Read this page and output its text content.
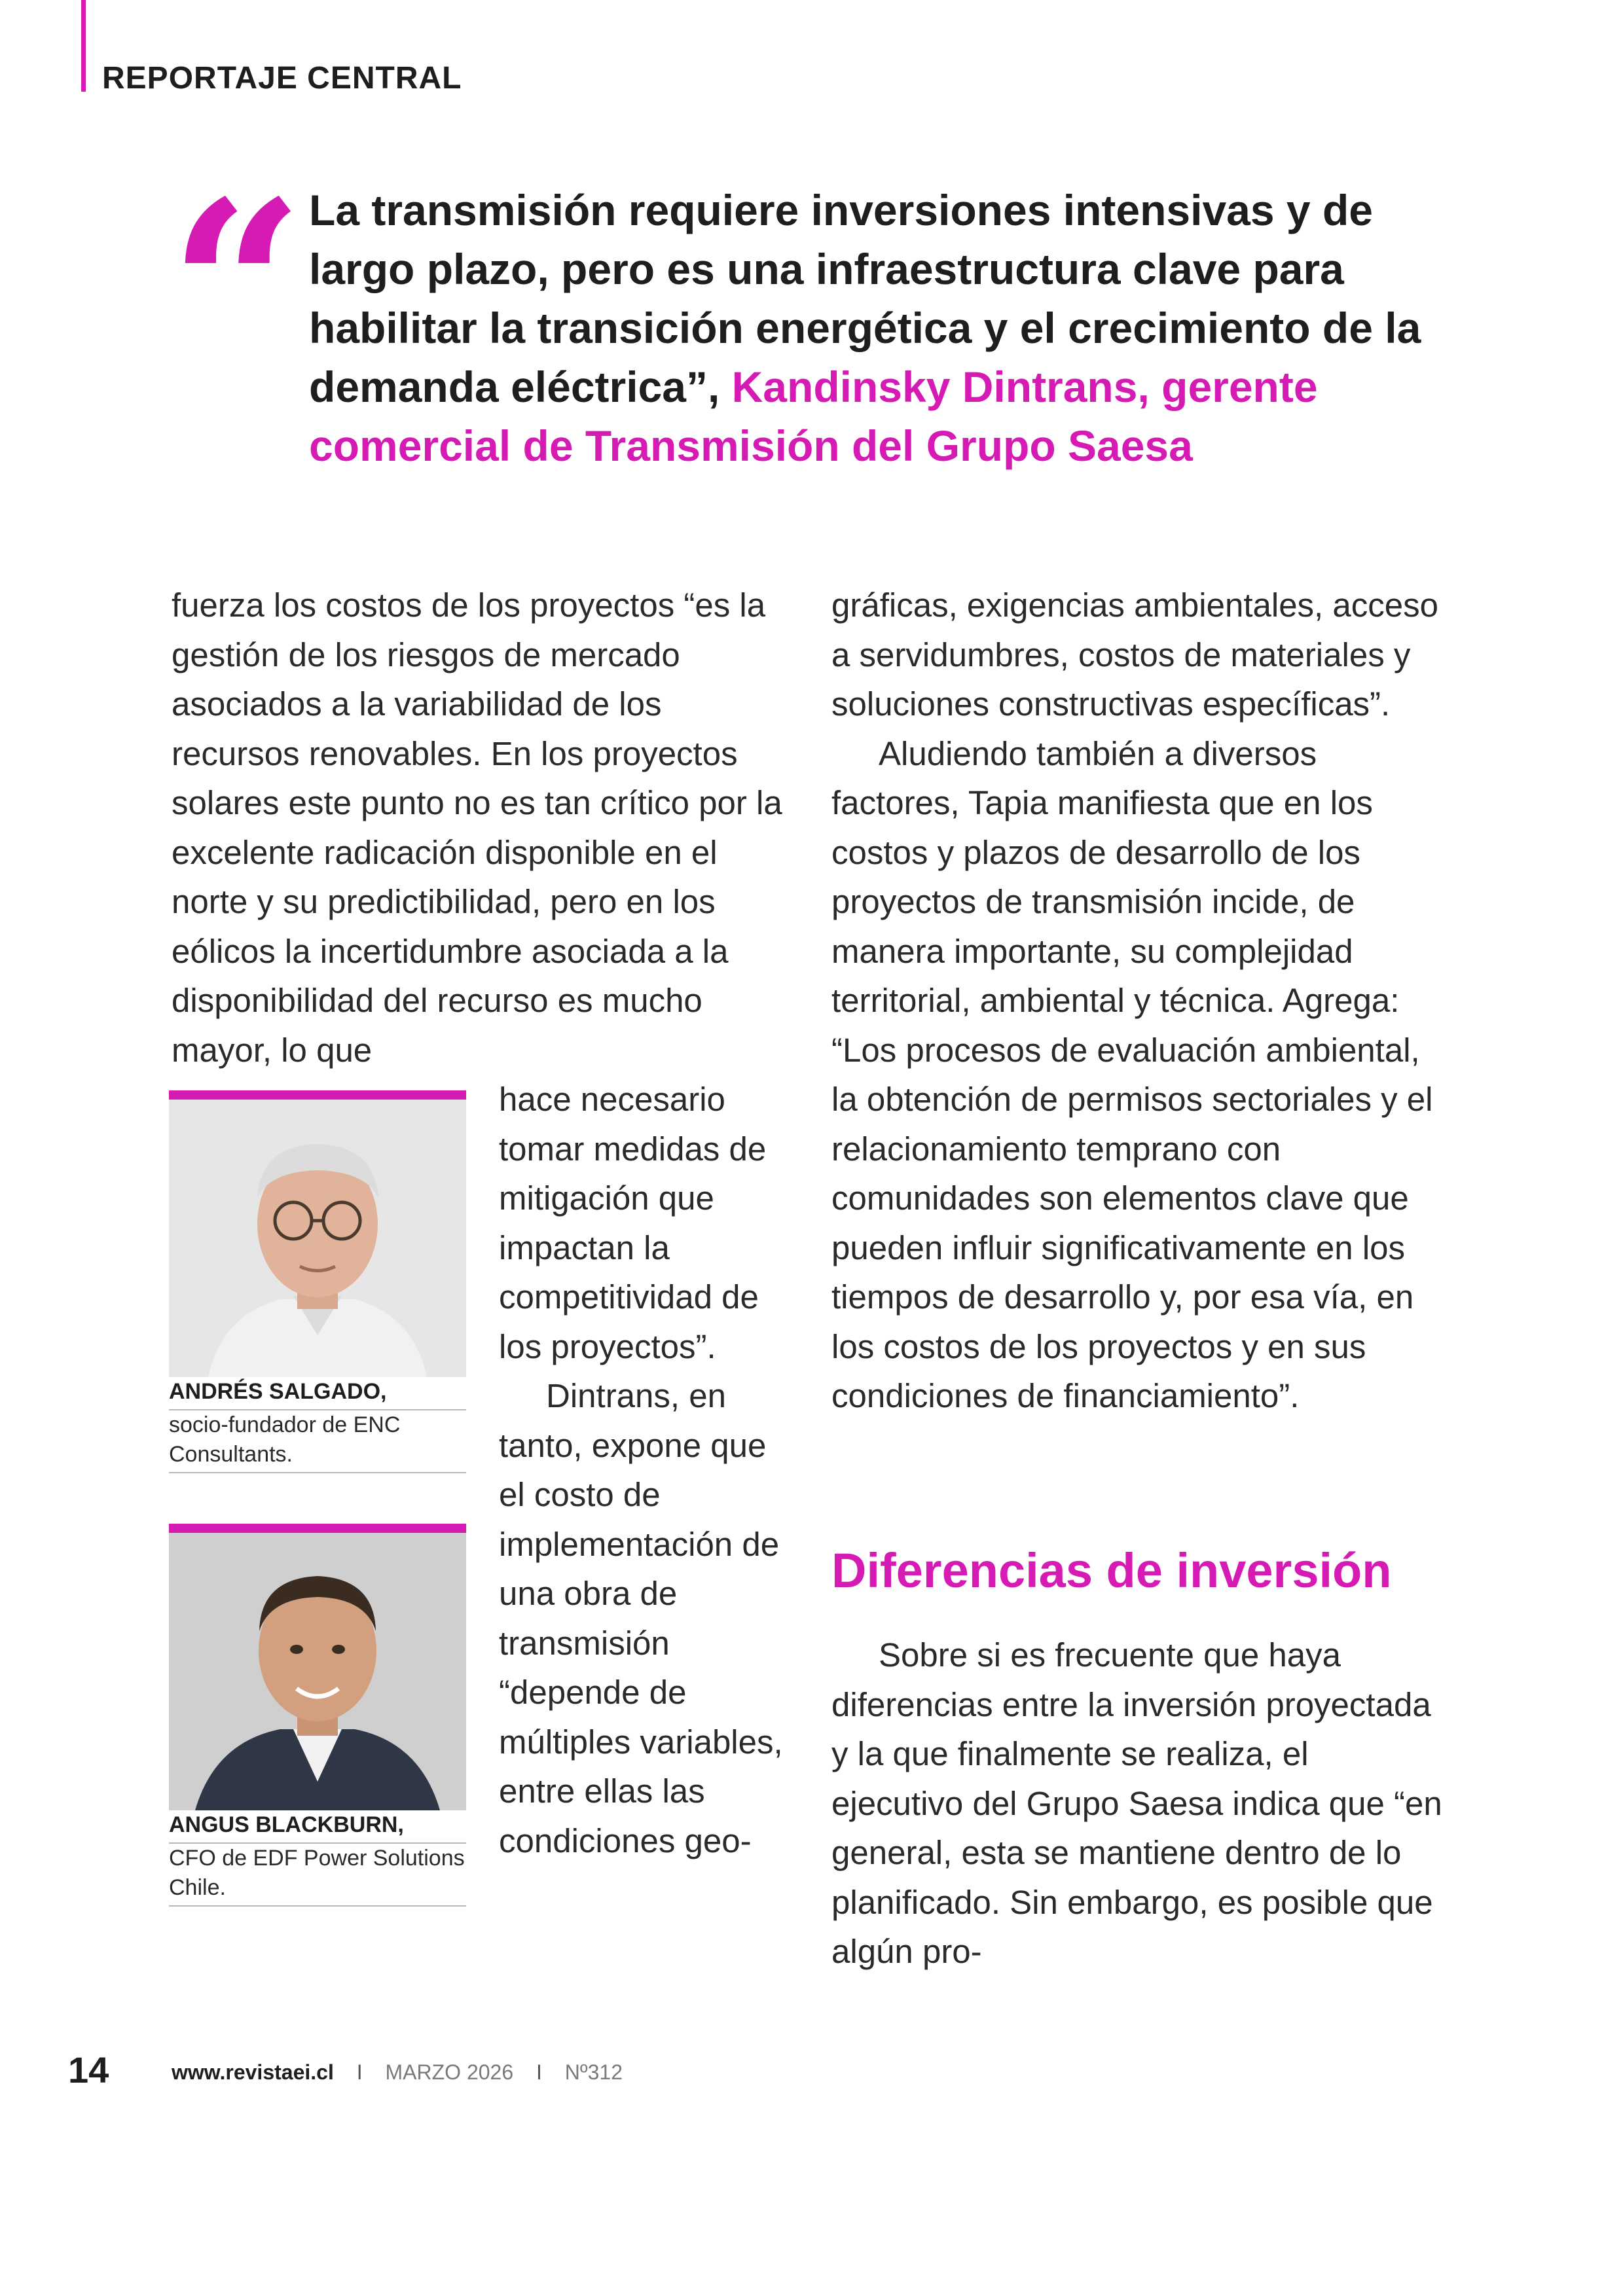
REPORTAJE CENTRAL
“ La transmisión requiere inversiones intensivas y de largo plazo, pero es una infraestructura clave para habilitar la transición energética y el crecimiento de la demanda eléctrica”, Kandinsky Dintrans, gerente comercial de Transmisión del Grupo Saesa

fuerza los costos de los proyectos “es la gestión de los riesgos de mercado asociados a la variabilidad de los recursos renovables. En los proyectos solares este punto no es tan crítico por la excelente radicación disponible en el norte y su predictibilidad, pero en los eólicos la incertidumbre asociada a la disponibilidad del recurso es mucho mayor, lo que

ANDRÉS SALGADO,
socio-fundador de ENC Consultants.
ANGUS BLACKBURN,
CFO de EDF Power Solutions Chile.

hace necesario tomar medidas de mitigación que impactan la competitividad de los proyectos”.

Dintrans, en tanto, expone que el costo de implementación de una obra de transmisión “depende de múltiples variables, entre ellas las condiciones geo-

gráficas, exigencias ambientales, acceso a servidumbres, costos de materiales y soluciones constructivas específicas”.

Aludiendo también a diversos factores, Tapia manifiesta que en los costos y plazos de desarrollo de los proyectos de transmisión incide, de manera importante, su complejidad territorial, ambiental y técnica. Agrega: “Los procesos de evaluación ambiental, la obtención de permisos sectoriales y el relacionamiento temprano con comunidades son elementos clave que pueden influir significativamente en los tiempos de desarrollo y, por esa vía, en los costos de los proyectos y en sus condiciones de financiamiento”.

Diferencias de inversión

Sobre si es frecuente que haya diferencias entre la inversión proyectada y la que finalmente se realiza, el ejecutivo del Grupo Saesa indica que “en general, esta se mantiene dentro de lo planificado. Sin embargo, es posible que algún pro-

14	www.revistaei.cl I MARZO 2026 I Nº312
